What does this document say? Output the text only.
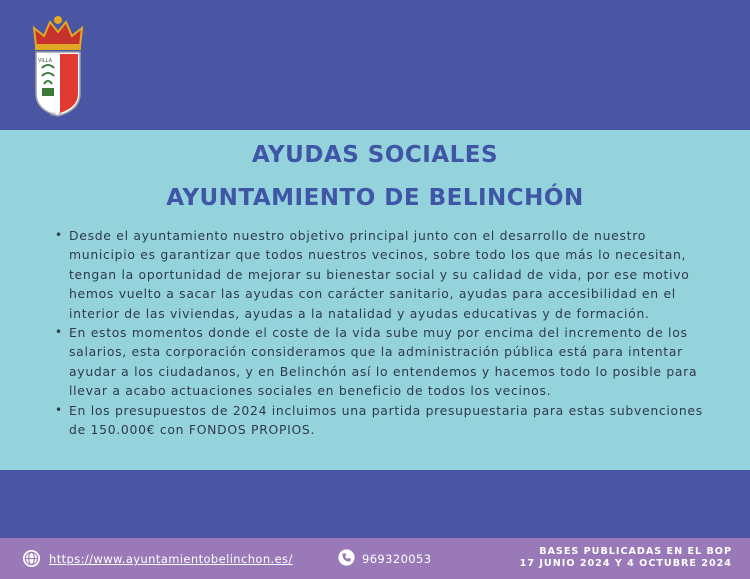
VILLA
BELIN
AYUDAS SOCIALES
AYUNTAMIENTO DE BELINCHÓN
• Desde el ayuntamiento nuestro objetivo principal junto con el desarrollo de nuestro municipio es garantizar que todos nuestros vecinos, sobre todo los que más lo necesitan, tengan la oportunidad de mejorar su bienestar social y su calidad de vida, por ese motivo hemos vuelto a sacar las ayudas con carácter sanitario, ayudas para accesibilidad en el interior de las viviendas, ayudas a la natalidad y ayudas educativas y de formación.
• En estos momentos donde el coste de la vida sube muy por encima del incremento de los salarios, esta corporación consideramos que la administración pública está para intentar ayudar a los ciudadanos, y en Belinchón así lo entendemos y hacemos todo lo posible para llevar a acabo actuaciones sociales en beneficio de todos los vecinos.
• En los presupuestos de 2024 incluimos una partida presupuestaria para estas subvenciones de 150.000€ con FONDOS PROPIOS.
https://www.ayuntamientobelinchon.es/	969320053
BASES PUBLICADAS EN EL BOP
17 JUNIO 2024 Y 4 OCTUBRE 2024
